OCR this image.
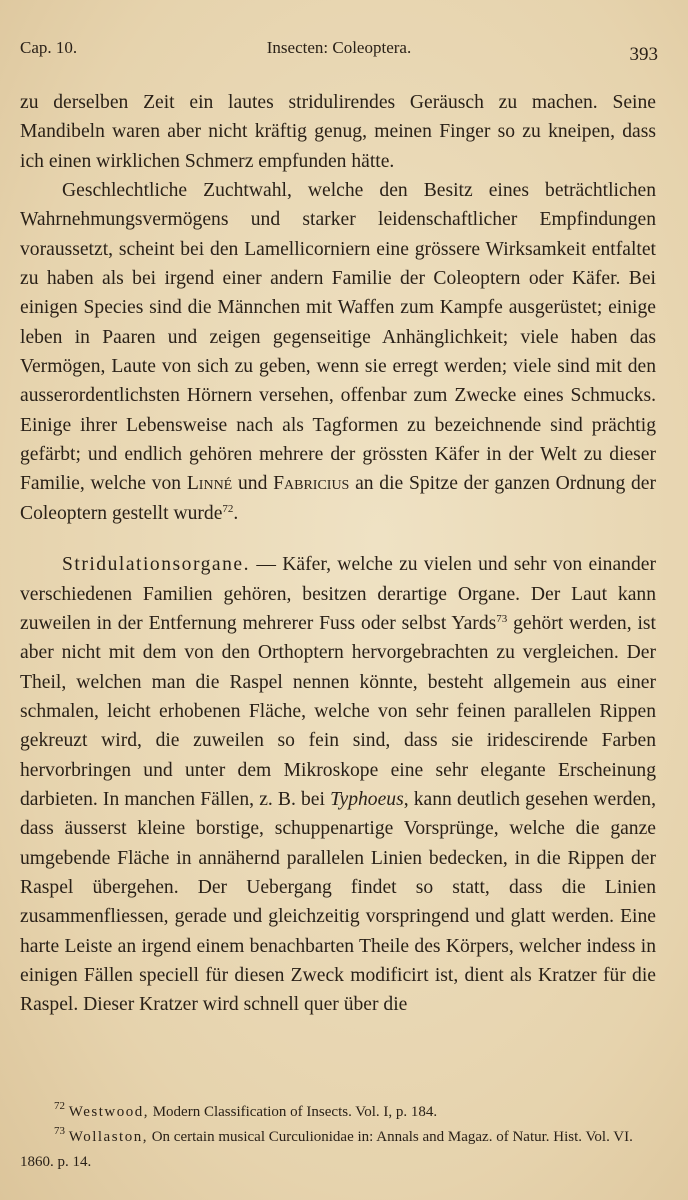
Cap. 10.	Insecten: Coleoptera.	393

zu derselben Zeit ein lautes stridulirendes Geräusch zu machen. Seine Mandibeln waren aber nicht kräftig genug, meinen Finger so zu kneipen, dass ich einen wirklichen Schmerz empfunden hätte.

Geschlechtliche Zuchtwahl, welche den Besitz eines beträchtlichen Wahrnehmungsvermögens und starker leidenschaftlicher Empfindungen voraussetzt, scheint bei den Lamellicorniern eine grössere Wirksamkeit entfaltet zu haben als bei irgend einer andern Familie der Coleoptern oder Käfer. Bei einigen Species sind die Männchen mit Waffen zum Kampfe ausgerüstet; einige leben in Paaren und zeigen gegenseitige Anhänglichkeit; viele haben das Vermögen, Laute von sich zu geben, wenn sie erregt werden; viele sind mit den ausserordentlichsten Hörnern versehen, offenbar zum Zwecke eines Schmucks. Einige ihrer Lebensweise nach als Tagformen zu bezeichnende sind prächtig gefärbt; und endlich gehören mehrere der grössten Käfer in der Welt zu dieser Familie, welche von Linné und Fabricius an die Spitze der ganzen Ordnung der Coleoptern gestellt wurde$^{72}$.

Stridulationsorgane. — Käfer, welche zu vielen und sehr von einander verschiedenen Familien gehören, besitzen derartige Organe. Der Laut kann zuweilen in der Entfernung mehrerer Fuss oder selbst Yards$^{73}$ gehört werden, ist aber nicht mit dem von den Orthoptern hervorgebrachten zu vergleichen. Der Theil, welchen man die Raspel nennen könnte, besteht allgemein aus einer schmalen, leicht erhobenen Fläche, welche von sehr feinen parallelen Rippen gekreuzt wird, die zuweilen so fein sind, dass sie iridescirende Farben hervorbringen und unter dem Mikroskope eine sehr elegante Erscheinung darbieten. In manchen Fällen, z. B. bei Typhoeus, kann deutlich gesehen werden, dass äusserst kleine borstige, schuppenartige Vorsprünge, welche die ganze umgebende Fläche in annähernd parallelen Linien bedecken, in die Rippen der Raspel übergehen. Der Uebergang findet so statt, dass die Linien zusammenfliessen, gerade und gleichzeitig vorspringend und glatt werden. Eine harte Leiste an irgend einem benachbarten Theile des Körpers, welcher indess in einigen Fällen speciell für diesen Zweck modificirt ist, dient als Kratzer für die Raspel. Dieser Kratzer wird schnell quer über die

$^{72}$ Westwood, Modern Classification of Insects. Vol. I, p. 184.

$^{73}$ Wollaston, On certain musical Curculionidae in: Annals and Magaz. of Natur. Hist. Vol. VI. 1860. p. 14.
